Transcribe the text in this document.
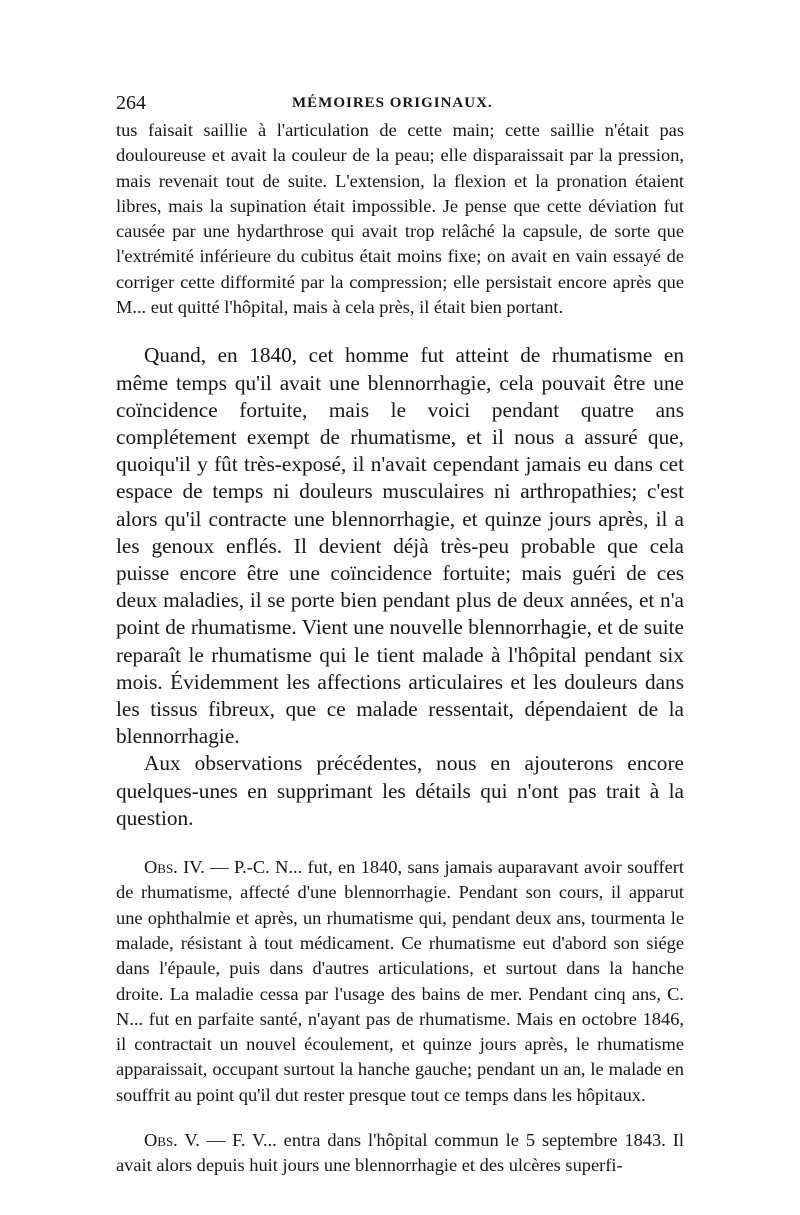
264	MÉMOIRES ORIGINAUX.

tus faisait saillie à l'articulation de cette main; cette saillie n'était pas douloureuse et avait la couleur de la peau; elle disparaissait par la pression, mais revenait tout de suite. L'extension, la flexion et la pronation étaient libres, mais la supination était impossible. Je pense que cette déviation fut causée par une hydarthrose qui avait trop relâché la capsule, de sorte que l'extrémité inférieure du cubitus était moins fixe; on avait en vain essayé de corriger cette difformité par la compression; elle persistait encore après que M... eut quitté l'hôpital, mais à cela près, il était bien portant.

Quand, en 1840, cet homme fut atteint de rhumatisme en même temps qu'il avait une blennorrhagie, cela pouvait être une coïncidence fortuite, mais le voici pendant quatre ans complétement exempt de rhumatisme, et il nous a assuré que, quoiqu'il y fût très-exposé, il n'avait cependant jamais eu dans cet espace de temps ni douleurs musculaires ni arthropathies; c'est alors qu'il contracte une blennorrhagie, et quinze jours après, il a les genoux enflés. Il devient déjà très-peu probable que cela puisse encore être une coïncidence fortuite; mais guéri de ces deux maladies, il se porte bien pendant plus de deux années, et n'a point de rhumatisme. Vient une nouvelle blennorrhagie, et de suite reparaît le rhumatisme qui le tient malade à l'hôpital pendant six mois. Évidemment les affections articulaires et les douleurs dans les tissus fibreux, que ce malade ressentait, dépendaient de la blennorrhagie.

Aux observations précédentes, nous en ajouterons encore quelques-unes en supprimant les détails qui n'ont pas trait à la question.

Obs. IV. — P.-C. N... fut, en 1840, sans jamais auparavant avoir souffert de rhumatisme, affecté d'une blennorrhagie. Pendant son cours, il apparut une ophthalmie et après, un rhumatisme qui, pendant deux ans, tourmenta le malade, résistant à tout médicament. Ce rhumatisme eut d'abord son siége dans l'épaule, puis dans d'autres articulations, et surtout dans la hanche droite. La maladie cessa par l'usage des bains de mer. Pendant cinq ans, C. N... fut en parfaite santé, n'ayant pas de rhumatisme. Mais en octobre 1846, il contractait un nouvel écoulement, et quinze jours après, le rhumatisme apparaissait, occupant surtout la hanche gauche; pendant un an, le malade en souffrit au point qu'il dut rester presque tout ce temps dans les hôpitaux.

Obs. V. — F. V... entra dans l'hôpital commun le 5 septembre 1843. Il avait alors depuis huit jours une blennorrhagie et des ulcères superfi-
